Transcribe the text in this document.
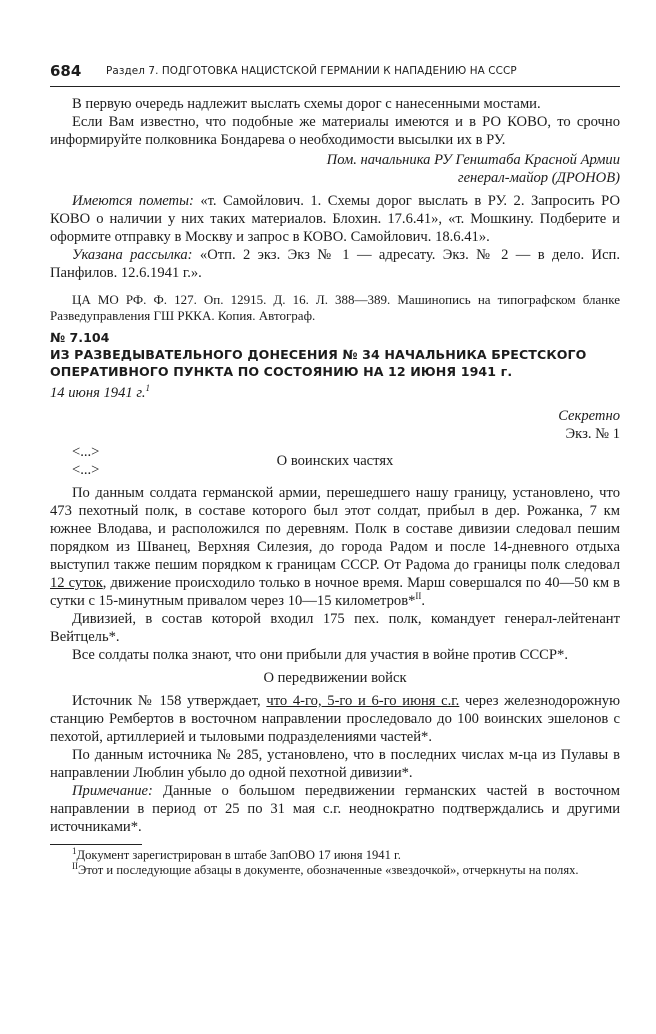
684 Раздел 7. ПОДГОТОВКА НАЦИСТСКОЙ ГЕРМАНИИ К НАПАДЕНИЮ НА СССР

В первую очередь надлежит выслать схемы дорог с нанесенными мостами.

Если Вам известно, что подобные же материалы имеются и в РО КОВО, то срочно информируйте полковника Бондарева о необходимости высылки их в РУ.

Пом. начальника РУ Генштаба Красной Армии
генерал-майор (ДРОНОВ)

Имеются пометы: «т. Самойлович. 1. Схемы дорог выслать в РУ. 2. Запросить РО КОВО о наличии у них таких материалов. Блохин. 17.6.41», «т. Мошкину. Подберите и оформите отправку в Москву и запрос в КОВО. Самойлович. 18.6.41».

Указана рассылка: «Отп. 2 экз. Экз № 1 — адресату. Экз. № 2 — в дело. Исп. Панфилов. 12.6.1941 г.».

ЦА МО РФ. Ф. 127. Оп. 12915. Д. 16. Л. 388—389. Машинопись на типографском бланке Разведуправления ГШ РККА. Копия. Автограф.

№ 7.104
ИЗ РАЗВЕДЫВАТЕЛЬНОГО ДОНЕСЕНИЯ № 34 НАЧАЛЬНИКА БРЕСТСКОГО ОПЕРАТИВНОГО ПУНКТА ПО СОСТОЯНИЮ НА 12 ИЮНЯ 1941 г.
14 июня 1941 г.$^1$
Секретно
Экз. № 1
<...>
<...>
О воинских частях

По данным солдата германской армии, перешедшего нашу границу, установлено, что 473 пехотный полк, в составе которого был этот солдат, прибыл в дер. Рожанка, 7 км южнее Влодава, и расположился по деревням. Полк в составе дивизии следовал пешим порядком из Шванец, Верхняя Силезия, до города Радом и после 14-дневного отдыха выступил также пешим порядком к границам СССР. От Радома до границы полк следовал 12 суток, движение происходило только в ночное время. Марш совершался по 40—50 км в сутки с 15-минутным привалом через 10—15 километров*$^{II}$.

Дивизией, в состав которой входил 175 пех. полк, командует генерал-лейтенант Вейтцель*.

Все солдаты полка знают, что они прибыли для участия в войне против СССР*.

О передвижении войск

Источник № 158 утверждает, что 4-го, 5-го и 6-го июня с.г. через железнодорожную станцию Рембертов в восточном направлении проследовало до 100 воинских эшелонов с пехотой, артиллерией и тыловыми подразделениями частей*.

По данным источника № 285, установлено, что в последних числах м-ца из Пулавы в направлении Люблин убыло до одной пехотной дивизии*.

Примечание: Данные о большом передвижении германских частей в восточном направлении в период от 25 по 31 мая с.г. неоднократно подтверждались и другими источниками*.

$^1$Документ зарегистрирован в штабе ЗапОВО 17 июня 1941 г.

$^{II}$Этот и последующие абзацы в документе, обозначенные «звездочкой», отчеркнуты на полях.
